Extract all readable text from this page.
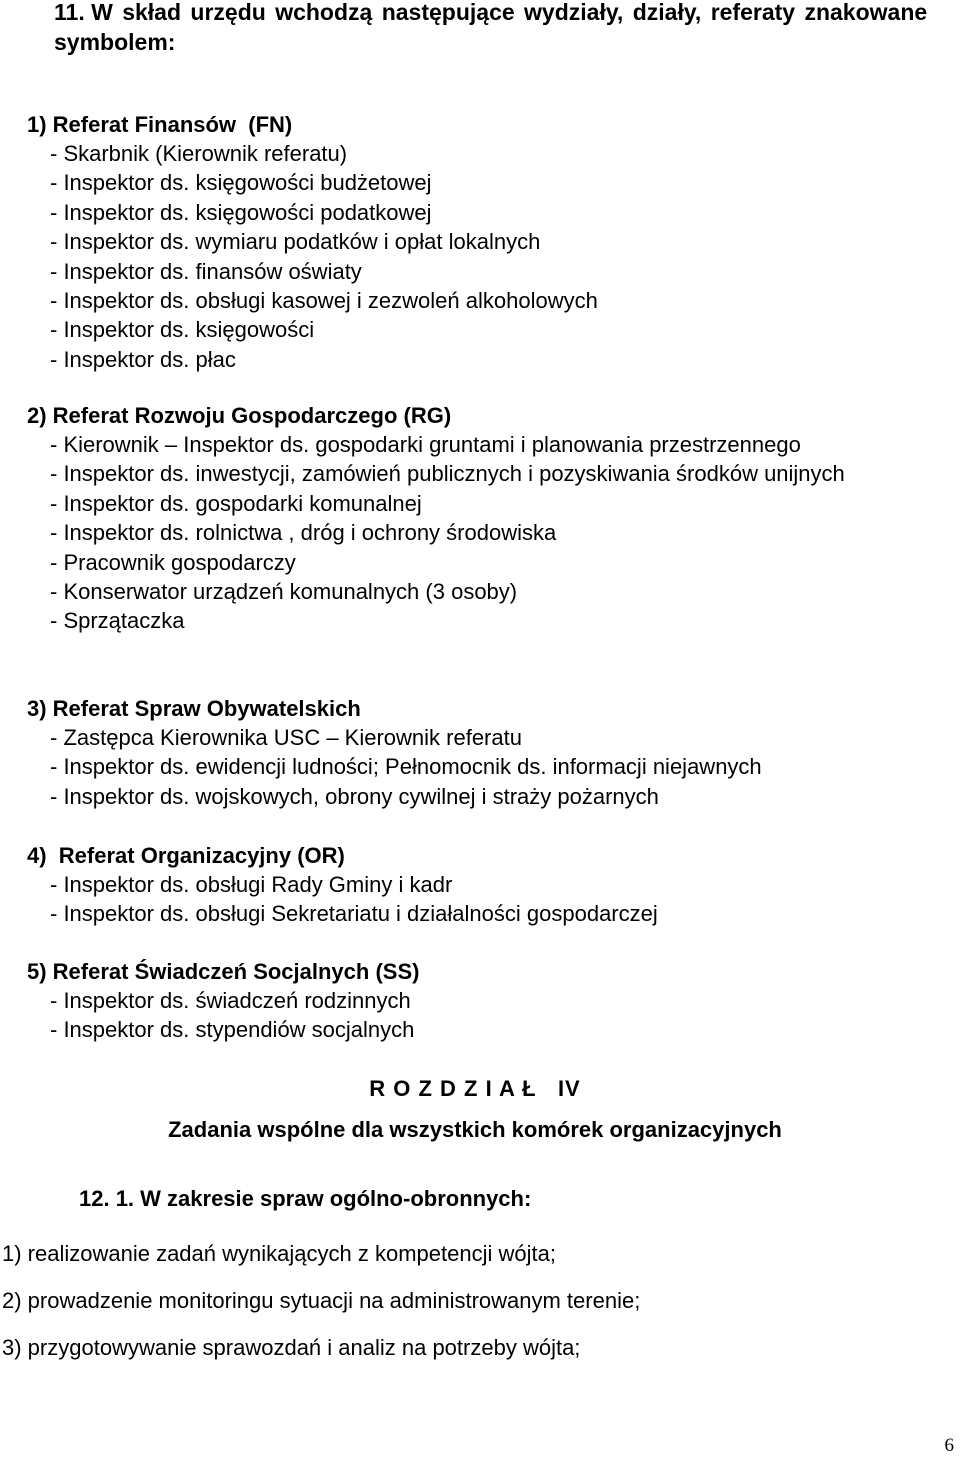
11. W skład urzędu wchodzą następujące wydziały, działy, referaty znakowane symbolem:

1) Referat Finansów  (FN)

- Skarbnik (Kierownik referatu)
- Inspektor ds. księgowości budżetowej
- Inspektor ds. księgowości podatkowej
- Inspektor ds. wymiaru podatków i opłat lokalnych
- Inspektor ds. finansów oświaty
- Inspektor ds. obsługi kasowej i zezwoleń alkoholowych
- Inspektor ds. księgowości
- Inspektor ds. płac

2) Referat Rozwoju Gospodarczego (RG)

- Kierownik – Inspektor ds. gospodarki gruntami i planowania przestrzennego
- Inspektor ds. inwestycji, zamówień publicznych i pozyskiwania środków unijnych
- Inspektor ds. gospodarki komunalnej
- Inspektor ds. rolnictwa , dróg i ochrony środowiska
- Pracownik gospodarczy
- Konserwator urządzeń komunalnych (3 osoby)
- Sprzątaczka

3) Referat Spraw Obywatelskich

- Zastępca Kierownika USC – Kierownik referatu
- Inspektor ds. ewidencji ludności; Pełnomocnik ds. informacji niejawnych
- Inspektor ds. wojskowych, obrony cywilnej i straży pożarnych

4)  Referat Organizacyjny (OR)

- Inspektor ds. obsługi Rady Gminy i kadr
- Inspektor ds. obsługi Sekretariatu i działalności gospodarczej

5) Referat Świadczeń Socjalnych (SS)

- Inspektor ds. świadczeń rodzinnych
- Inspektor ds. stypendiów socjalnych

R O Z D Z I A Ł   IV

Zadania wspólne dla wszystkich komórek organizacyjnych

12. 1. W zakresie spraw ogólno-obronnych:

1) realizowanie zadań wynikających z kompetencji wójta;
2) prowadzenie monitoringu sytuacji na administrowanym terenie;
3) przygotowywanie sprawozdań i analiz na potrzeby wójta;
6
